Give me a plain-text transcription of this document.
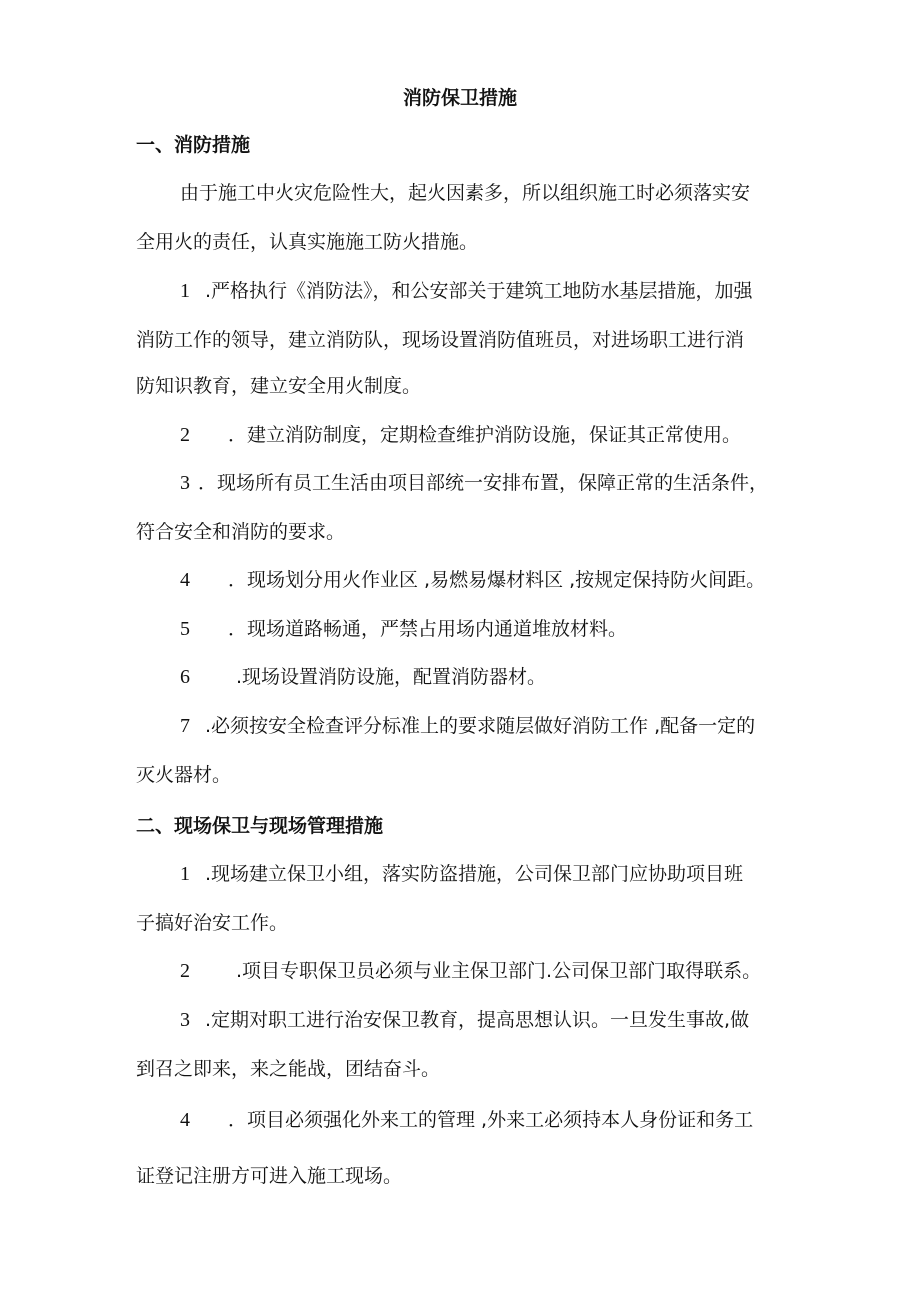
消防保卫措施
一、消防措施
由于施工中火灾危险性大，起火因素多，所以组织施工时必须落实安
全用火的责任，认真实施施工防火措施。
1 .严格执行《消防法》，和公安部关于建筑工地防水基层措施，加强
消防工作的领导，建立消防队，现场设置消防值班员，对进场职工进行消
防知识教育，建立安全用火制度。
2 ．建立消防制度，定期检查维护消防设施，保证其正常使用。
3 ．现场所有员工生活由项目部统一安排布置，保障正常的生活条件，
符合安全和消防的要求。
4 ．现场划分用火作业区 ,易燃易爆材料区 ,按规定保持防火间距。
5 ．现场道路畅通，严禁占用场内通道堆放材料。
6 .现场设置消防设施，配置消防器材。
7 .必须按安全检查评分标准上的要求随层做好消防工作 ,配备一定的
灭火器材。
二、现场保卫与现场管理措施
1 .现场建立保卫小组，落实防盗措施，公司保卫部门应协助项目班
子搞好治安工作。
2 .项目专职保卫员必须与业主保卫部门.公司保卫部门取得联系。
3 .定期对职工进行治安保卫教育，提高思想认识。一旦发生事故,做
到召之即来，来之能战，团结奋斗。
4 ．项目必须强化外来工的管理 ,外来工必须持本人身份证和务工
证登记注册方可进入施工现场。
